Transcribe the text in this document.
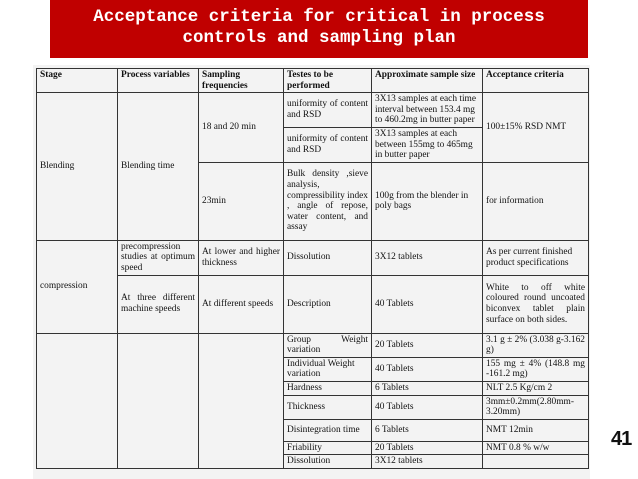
Acceptance criteria for critical in process
controls and sampling plan
Stage	Process variables	Sampling frequencies	Testes to be performed	Approximate sample size	Acceptance criteria
Blending	Blending time	18 and 20 min	uniformity of content and RSD	3X13 samples at each time interval between 153.4 mg to 460.2mg in butter paper	100±15% RSD NMT
			uniformity of content and RSD	3X13 samples at each between 155mg to 465mg in butter paper	
		23min	Bulk density ,sieve analysis, compressibility index , angle of repose, water content, and assay	100g from the blender in poly bags	for information
compression	precompression studies at optimum speed	At lower and higher thickness	Dissolution	3X12 tablets	As per current finished product specifications
	At three different machine speeds	At different speeds	Description	40 Tablets	White to off white coloured round uncoated biconvex tablet plain surface on both sides.
			Group Weight variation	20 Tablets	3.1 g ± 2% (3.038 g-3.162 g)
			Individual Weight variation	40 Tablets	155 mg ± 4% (148.8 mg -161.2 mg)
			Hardness	6 Tablets	NLT 2.5 Kg/cm 2
			Thickness	40 Tablets	3mm±0.2mm(2.80mm-3.20mm)
			Disintegration time	6 Tablets	NMT 12min
			Friability	20 Tablets	NMT 0.8 % w/w
			Dissolution	3X12 tablets	
41
